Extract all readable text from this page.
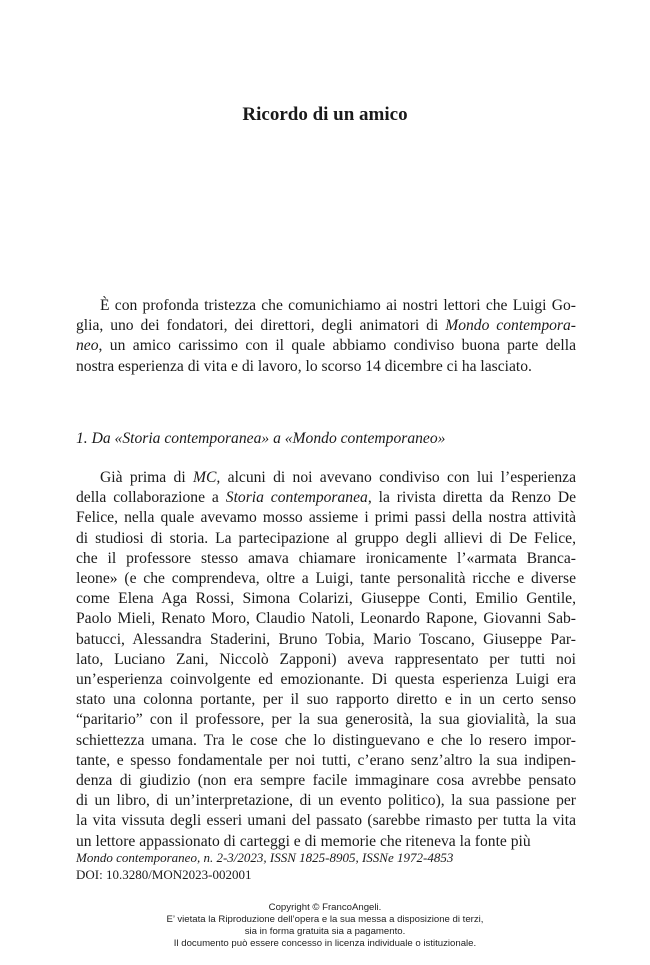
Ricordo di un amico

È con profonda tristezza che comunichiamo ai nostri lettori che Luigi Go-
glia, uno dei fondatori, dei direttori, degli animatori di Mondo contempora-
neo, un amico carissimo con il quale abbiamo condiviso buona parte della
nostra esperienza di vita e di lavoro, lo scorso 14 dicembre ci ha lasciato.

1. Da «Storia contemporanea» a «Mondo contemporaneo»

Già prima di MC, alcuni di noi avevano condiviso con lui l’esperienza
della collaborazione a Storia contemporanea, la rivista diretta da Renzo De
Felice, nella quale avevamo mosso assieme i primi passi della nostra attività
di studiosi di storia. La partecipazione al gruppo degli allievi di De Felice,
che il professore stesso amava chiamare ironicamente l’«armata Branca-
leone» (e che comprendeva, oltre a Luigi, tante personalità ricche e diverse
come Elena Aga Rossi, Simona Colarizi, Giuseppe Conti, Emilio Gentile,
Paolo Mieli, Renato Moro, Claudio Natoli, Leonardo Rapone, Giovanni Sab-
batucci, Alessandra Staderini, Bruno Tobia, Mario Toscano, Giuseppe Par-
lato, Luciano Zani, Niccolò Zapponi) aveva rappresentato per tutti noi
un’esperienza coinvolgente ed emozionante. Di questa esperienza Luigi era
stato una colonna portante, per il suo rapporto diretto e in un certo senso
“paritario” con il professore, per la sua generosità, la sua giovialità, la sua
schiettezza umana. Tra le cose che lo distinguevano e che lo resero impor-
tante, e spesso fondamentale per noi tutti, c’erano senz’altro la sua indipen-
denza di giudizio (non era sempre facile immaginare cosa avrebbe pensato
di un libro, di un’interpretazione, di un evento politico), la sua passione per
la vita vissuta degli esseri umani del passato (sarebbe rimasto per tutta la vita
un lettore appassionato di carteggi e di memorie che riteneva la fonte più

Mondo contemporaneo, n. 2-3/2023, ISSN 1825-8905, ISSNe 1972-4853
DOI: 10.3280/MON2023-002001
Copyright © FrancoAngeli.
E’ vietata la Riproduzione dell’opera e la sua messa a disposizione di terzi,
sia in forma gratuita sia a pagamento.
Il documento può essere concesso in licenza individuale o istituzionale.
